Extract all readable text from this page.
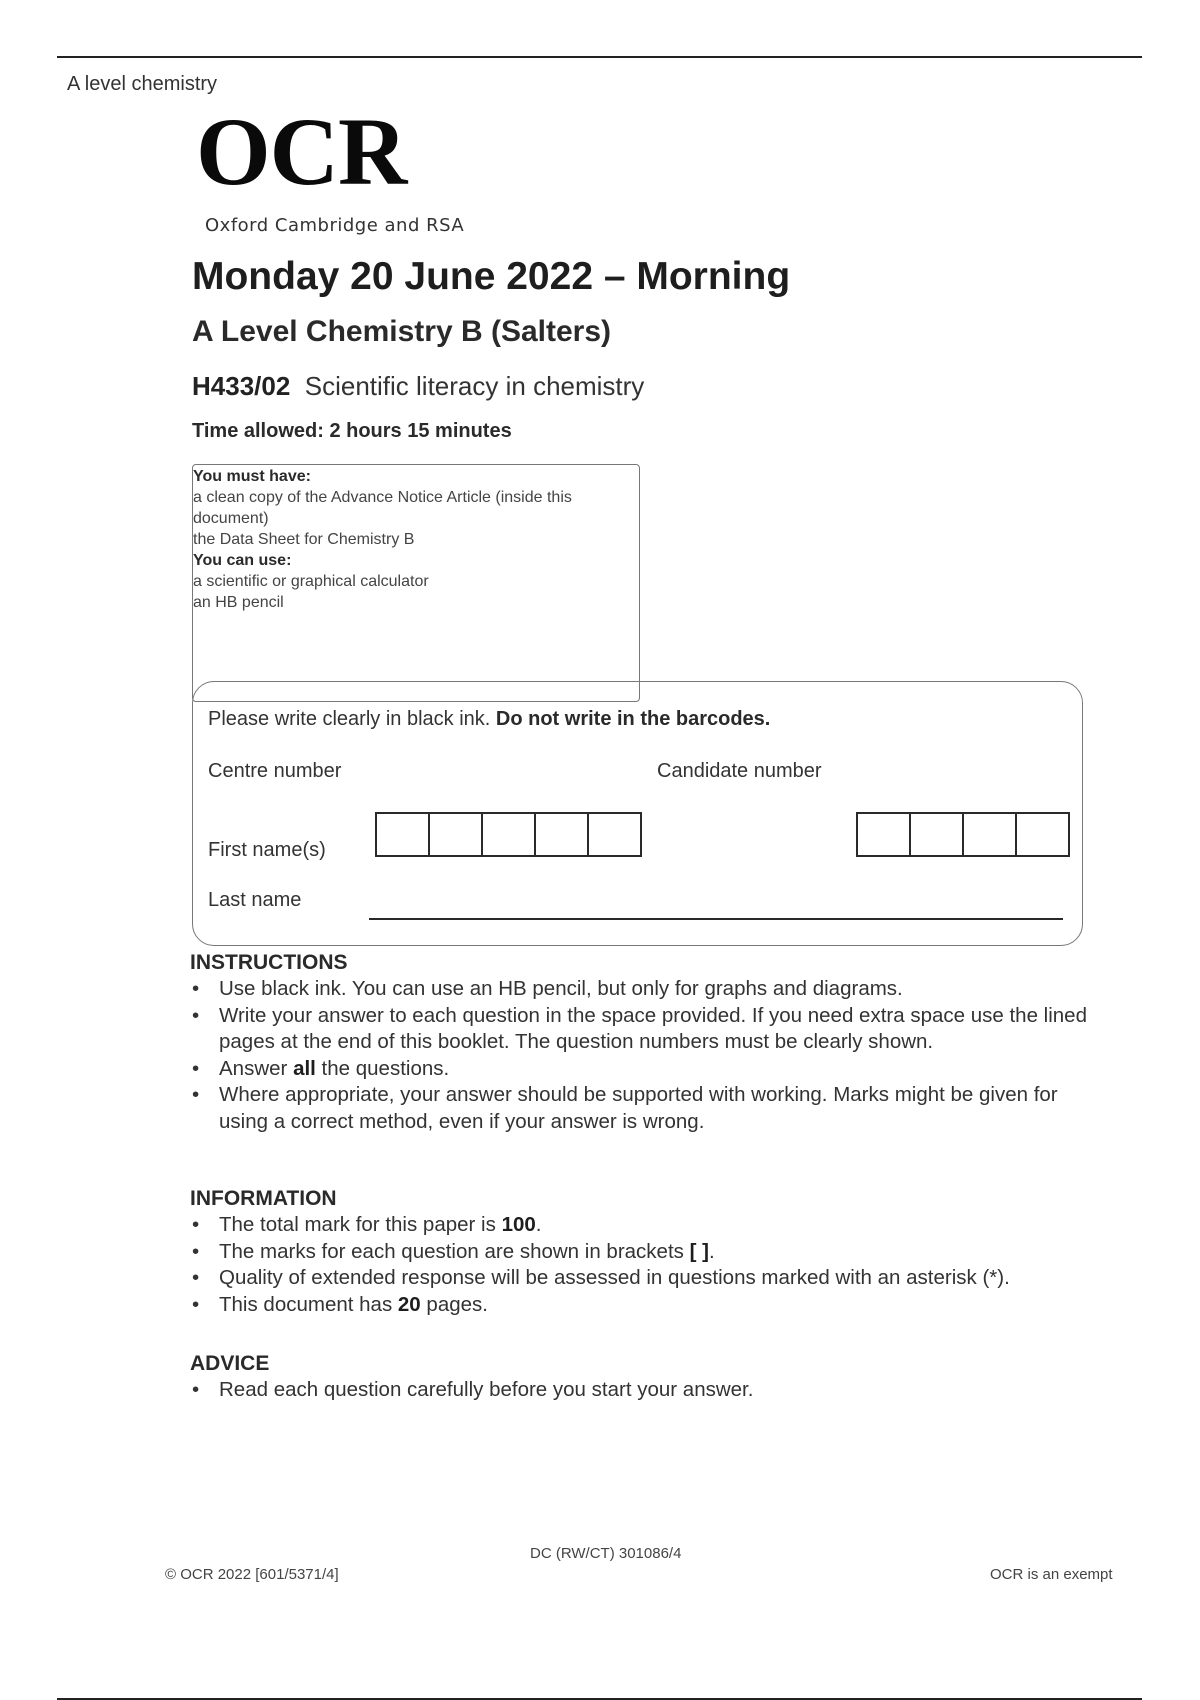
A level chemistry
OCR
Oxford Cambridge and RSA
Monday 20 June 2022 – Morning
A Level Chemistry B (Salters)
H433/02 Scientific literacy in chemistry
Time allowed: 2 hours 15 minutes
You must have:
a clean copy of the Advance Notice Article (inside this
document)
the Data Sheet for Chemistry B
You can use:
a scientific or graphical calculator
an HB pencil
Please write clearly in black ink. Do not write in the barcodes.
Centre number	Candidate number
First name(s)
Last name
INSTRUCTIONS
• Use black ink. You can use an HB pencil, but only for graphs and diagrams.
• Write your answer to each question in the space provided. If you need extra space use the lined pages at the end of this booklet. The question numbers must be clearly shown.
• Answer all the questions.
• Where appropriate, your answer should be supported with working. Marks might be given for using a correct method, even if your answer is wrong.
INFORMATION
• The total mark for this paper is 100.
• The marks for each question are shown in brackets [ ].
• Quality of extended response will be assessed in questions marked with an asterisk (*).
• This document has 20 pages.
ADVICE
• Read each question carefully before you start your answer.
DC (RW/CT) 301086/4
© OCR 2022 [601/5371/4]	OCR is an exempt
